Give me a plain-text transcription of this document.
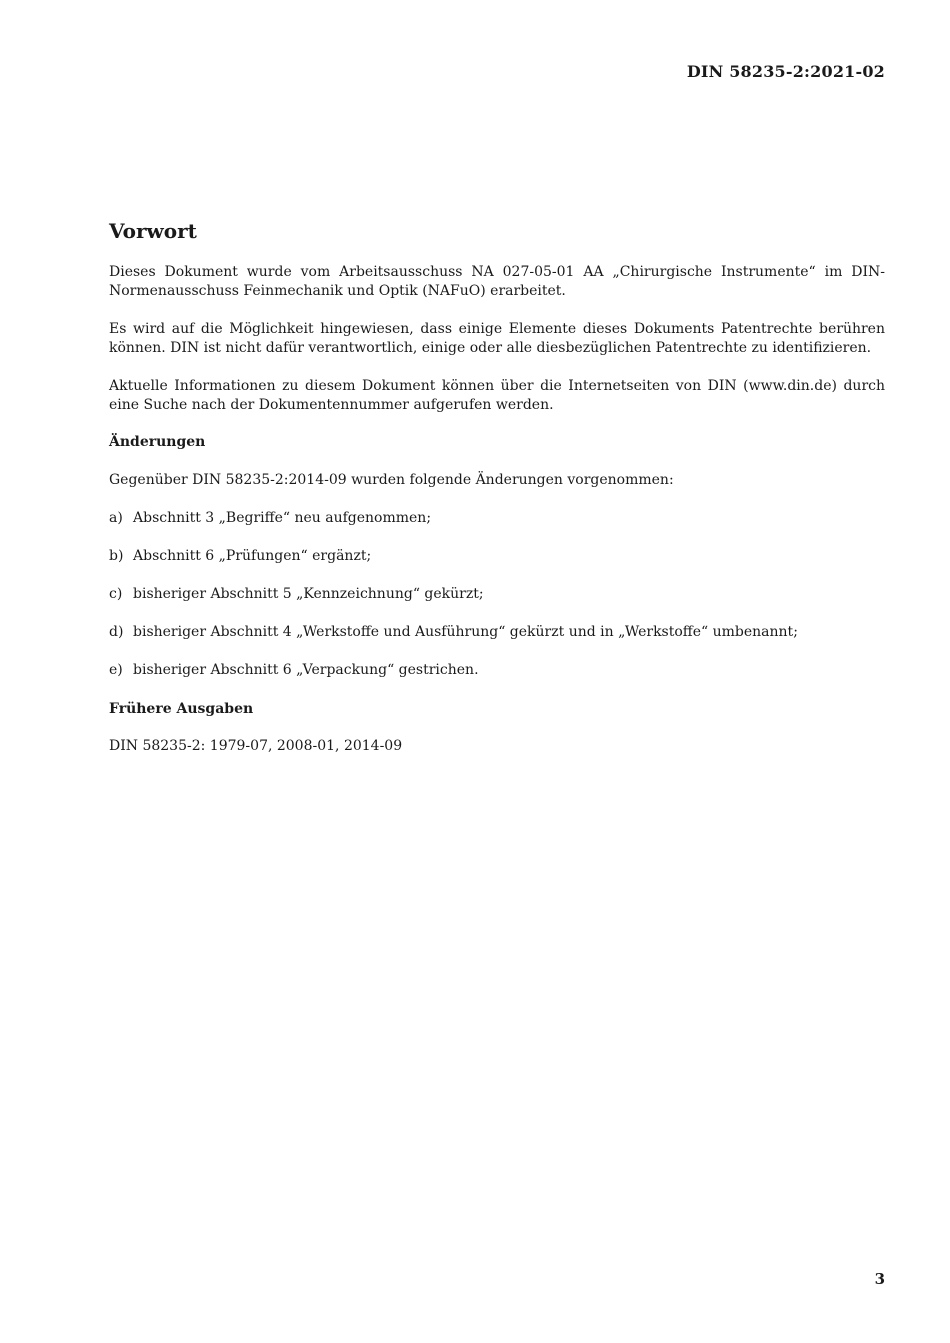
DIN 58235-2:2021-02
Vorwort

Dieses Dokument wurde vom Arbeitsausschuss NA 027-05-01 AA „Chirurgische Instrumente“ im DIN-Normenausschuss Feinmechanik und Optik (NAFuO) erarbeitet.

Es wird auf die Möglichkeit hingewiesen, dass einige Elemente dieses Dokuments Patentrechte berühren können. DIN ist nicht dafür verantwortlich, einige oder alle diesbezüglichen Patentrechte zu identifizieren.

Aktuelle Informationen zu diesem Dokument können über die Internetseiten von DIN (www.din.de) durch eine Suche nach der Dokumentennummer aufgerufen werden.

Änderungen

Gegenüber DIN 58235-2:2014-09 wurden folgende Änderungen vorgenommen:

a) Abschnitt 3 „Begriffe“ neu aufgenommen;
b) Abschnitt 6 „Prüfungen“ ergänzt;
c) bisheriger Abschnitt 5 „Kennzeichnung“ gekürzt;
d) bisheriger Abschnitt 4 „Werkstoffe und Ausführung“ gekürzt und in „Werkstoffe“ umbenannt;
e) bisheriger Abschnitt 6 „Verpackung“ gestrichen.
Frühere Ausgaben

DIN 58235-2: 1979-07, 2008-01, 2014-09

3
